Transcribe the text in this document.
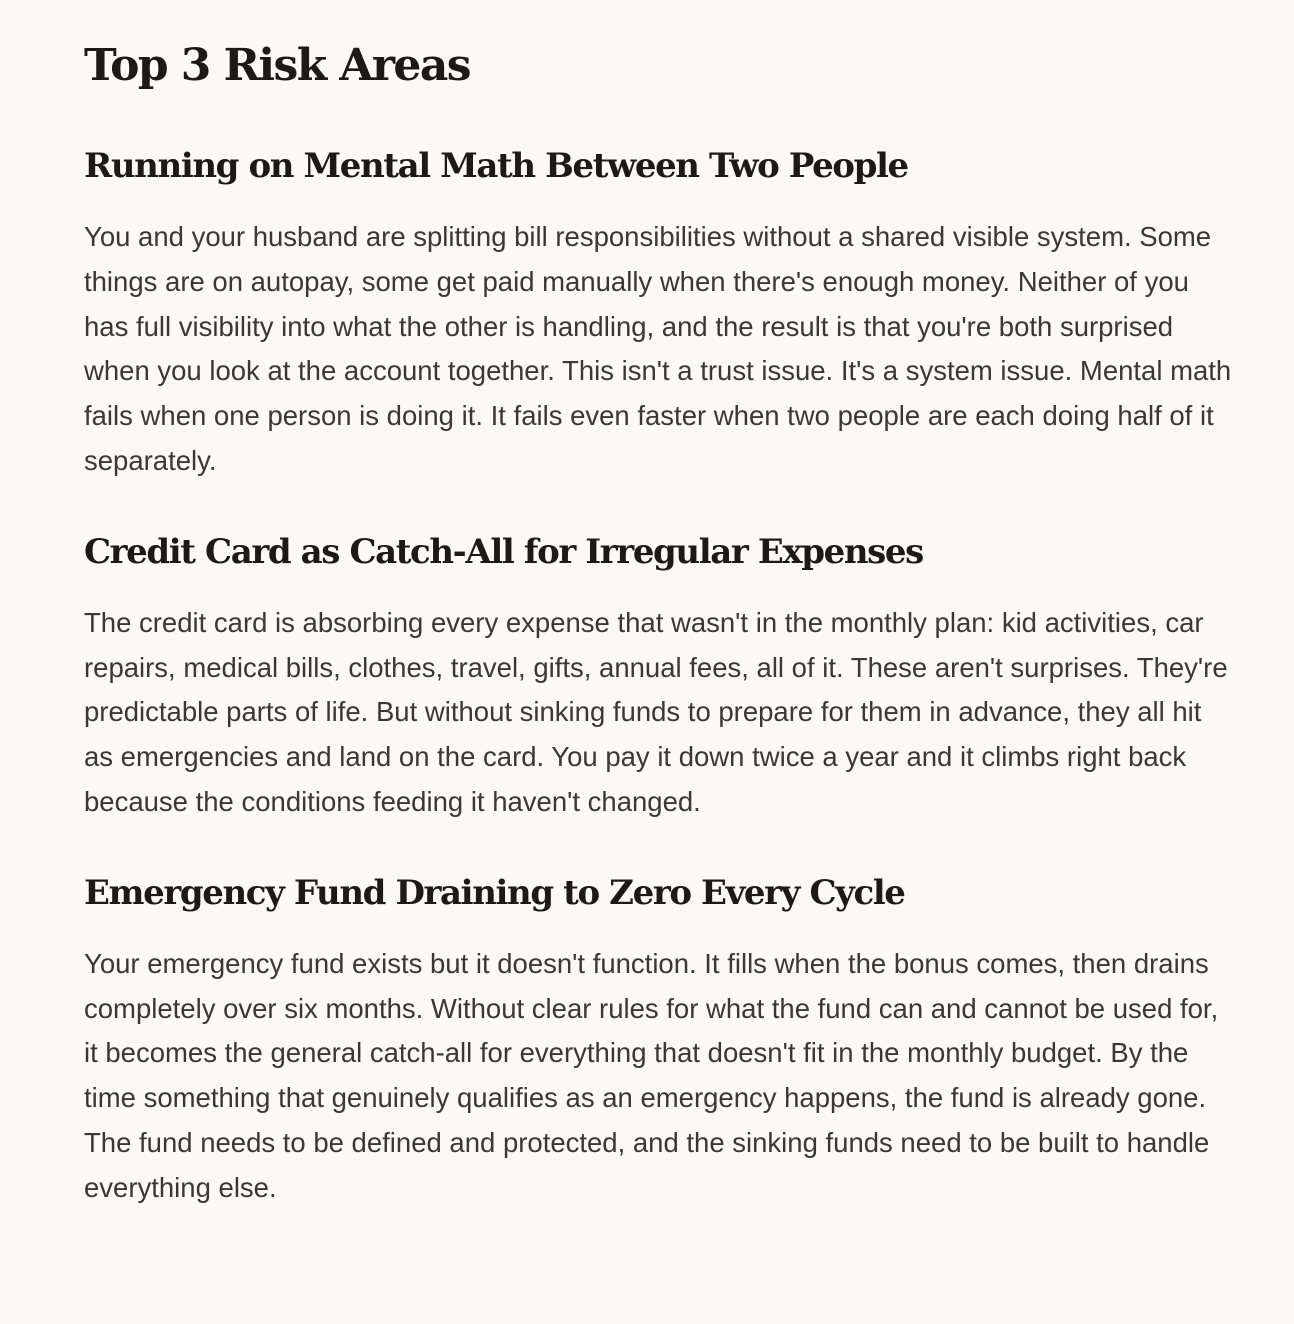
Top 3 Risk Areas
Running on Mental Math Between Two People

You and your husband are splitting bill responsibilities without a shared visible system. Some things are on autopay, some get paid manually when there's enough money. Neither of you has full visibility into what the other is handling, and the result is that you're both surprised when you look at the account together. This isn't a trust issue. It's a system issue. Mental math fails when one person is doing it. It fails even faster when two people are each doing half of it separately.

Credit Card as Catch-All for Irregular Expenses

The credit card is absorbing every expense that wasn't in the monthly plan: kid activities, car repairs, medical bills, clothes, travel, gifts, annual fees, all of it. These aren't surprises. They're predictable parts of life. But without sinking funds to prepare for them in advance, they all hit as emergencies and land on the card. You pay it down twice a year and it climbs right back because the conditions feeding it haven't changed.

Emergency Fund Draining to Zero Every Cycle

Your emergency fund exists but it doesn't function. It fills when the bonus comes, then drains completely over six months. Without clear rules for what the fund can and cannot be used for, it becomes the general catch-all for everything that doesn't fit in the monthly budget. By the time something that genuinely qualifies as an emergency happens, the fund is already gone. The fund needs to be defined and protected, and the sinking funds need to be built to handle everything else.
